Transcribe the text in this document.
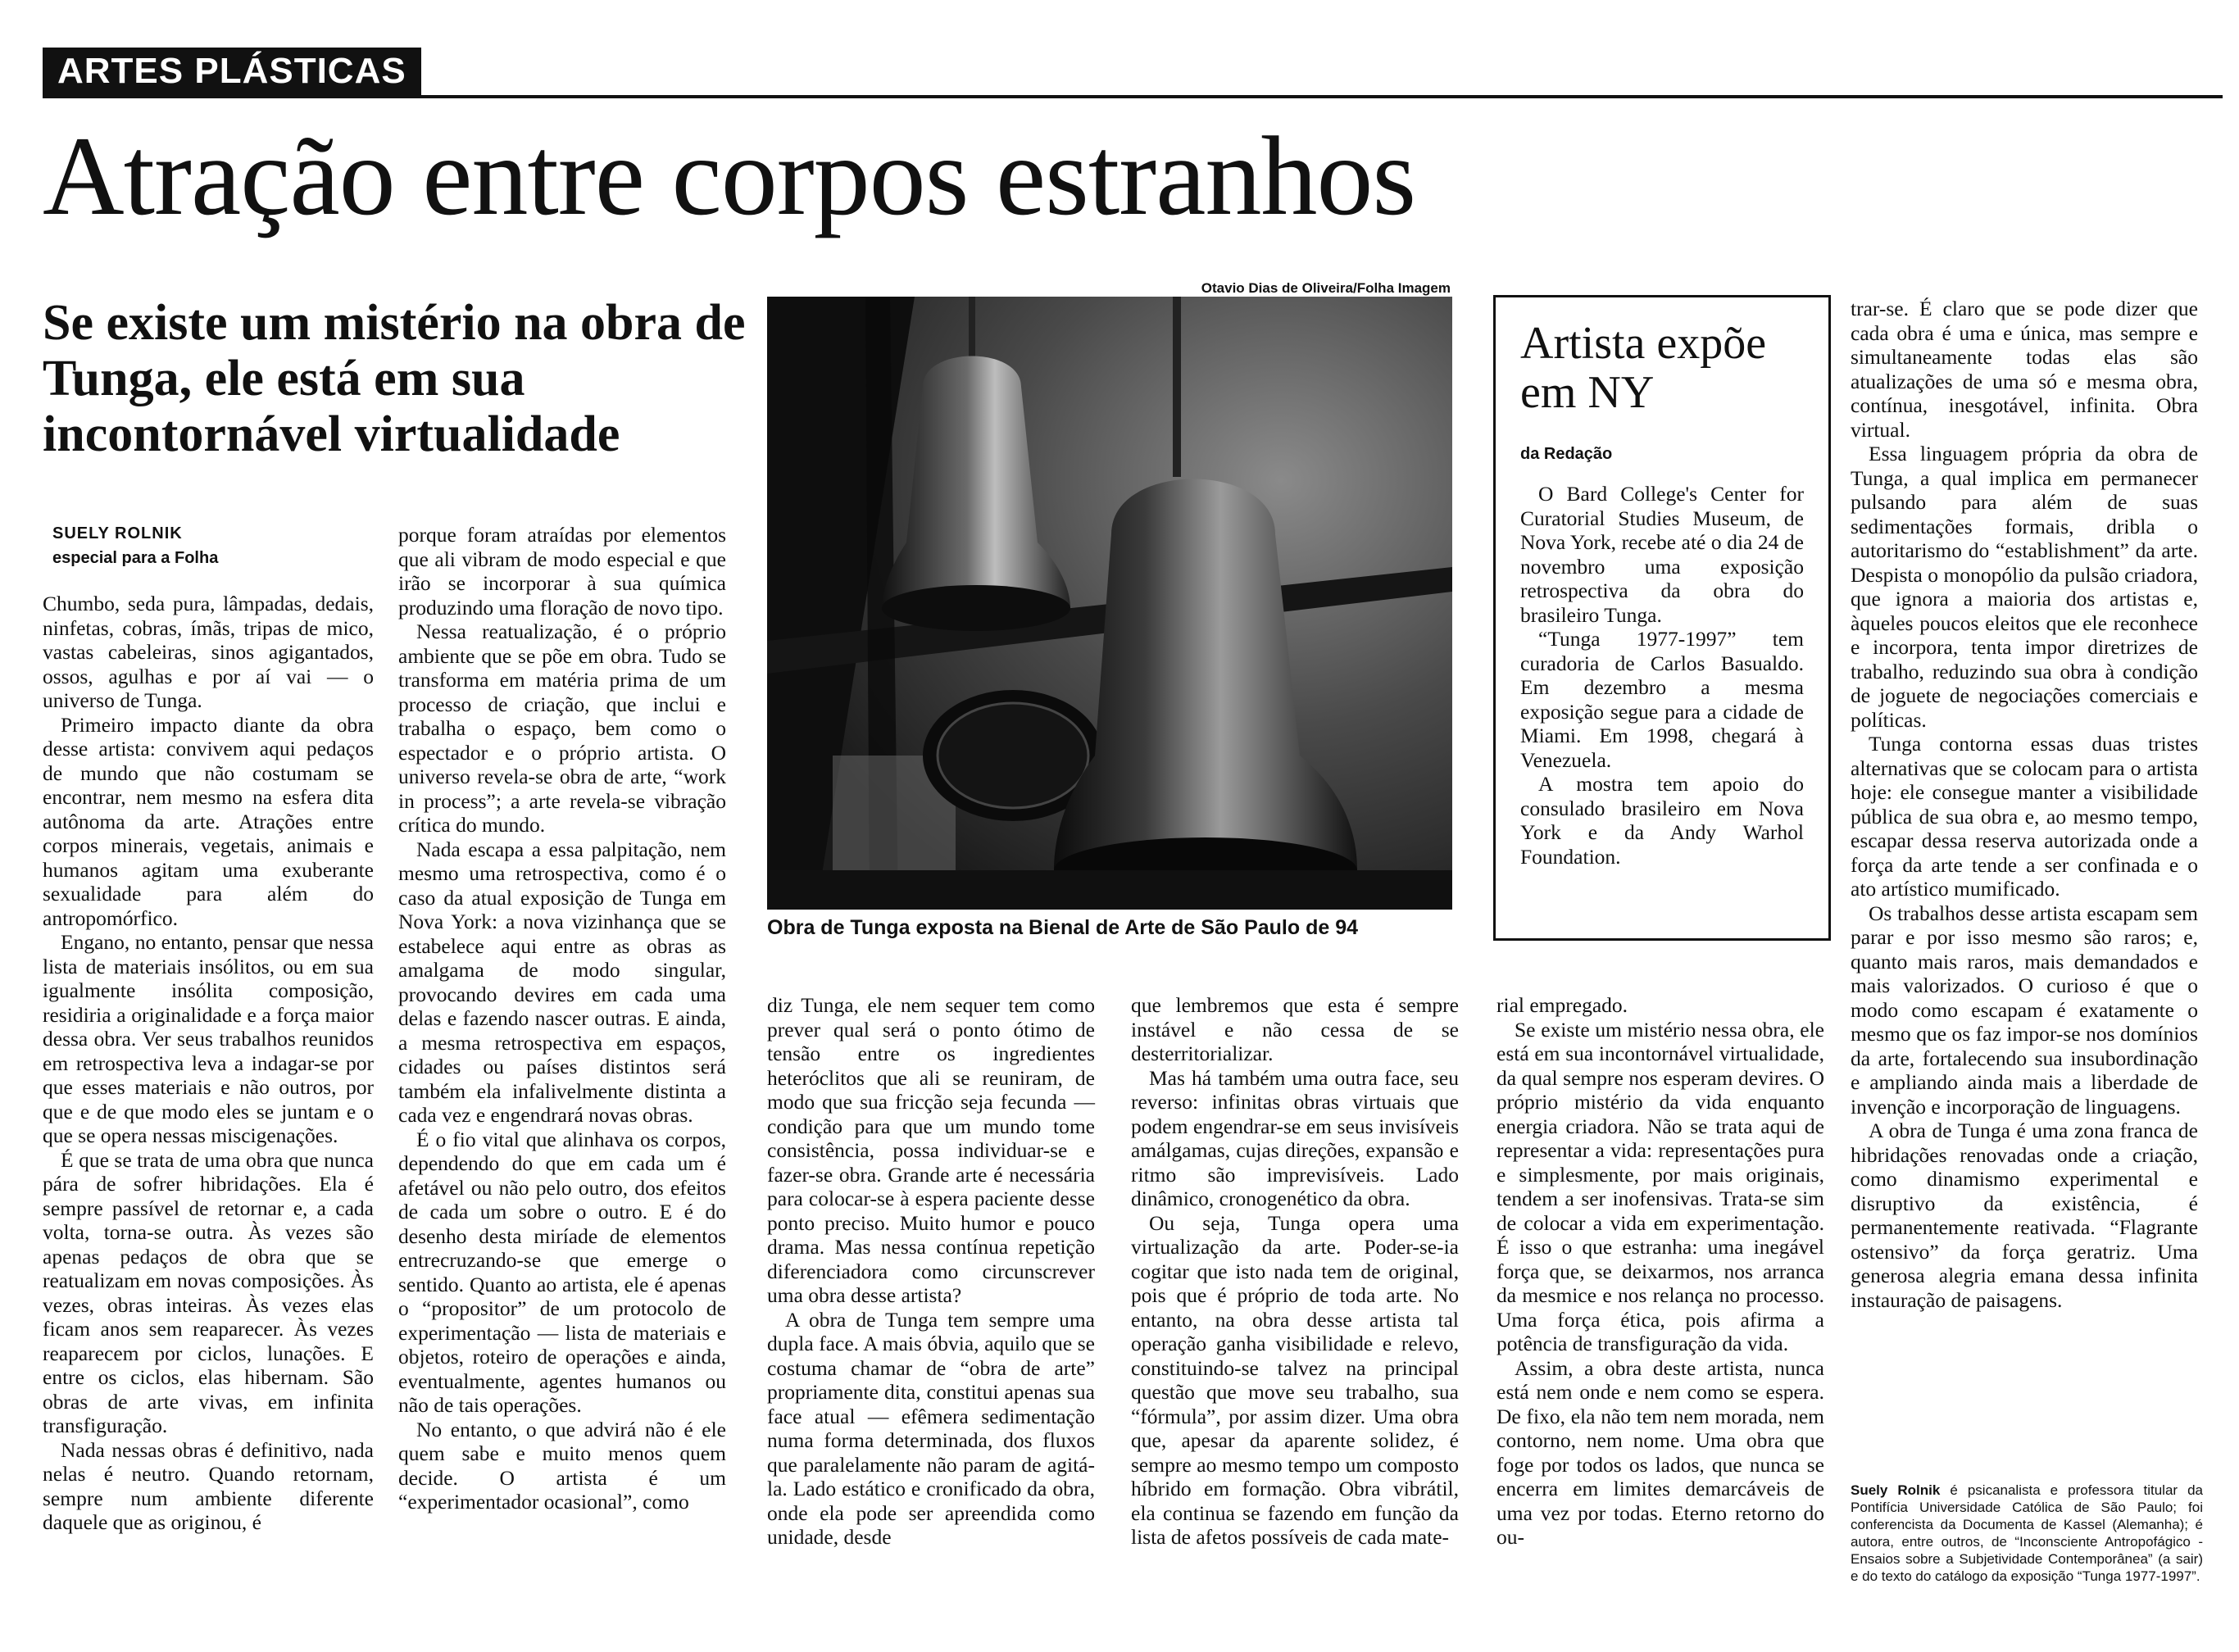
ARTES PLÁSTICAS
Atração entre corpos estranhos
Se existe um mistério na obra de Tunga, ele está em sua incontornável virtualidade
SUELY ROLNIK
especial para a Folha
Otavio Dias de Oliveira/Folha Imagem
Obra de Tunga exposta na Bienal de Arte de São Paulo de 94

Chumbo, seda pura, lâmpadas, dedais, ninfetas, cobras, ímãs, tripas de mico, vastas cabeleiras, sinos agigantados, ossos, agulhas e por aí vai — o universo de Tunga.

Primeiro impacto diante da obra desse artista: convivem aqui pedaços de mundo que não costumam se encontrar, nem mesmo na esfera dita autônoma da arte. Atrações entre corpos minerais, vegetais, animais e humanos agitam uma exuberante sexualidade para além do antropomórfico.

Engano, no entanto, pensar que nessa lista de materiais insólitos, ou em sua igualmente insólita composição, residiria a originalidade e a força maior dessa obra. Ver seus trabalhos reunidos em retrospectiva leva a indagar-se por que esses materiais e não outros, por que e de que modo eles se juntam e o que se opera nessas miscigenações.

É que se trata de uma obra que nunca pára de sofrer hibridações. Ela é sempre passível de retornar e, a cada volta, torna-se outra. Às vezes são apenas pedaços de obra que se reatualizam em novas composições. Às vezes, obras inteiras. Às vezes elas ficam anos sem reaparecer. Às vezes reaparecem por ciclos, lunações. E entre os ciclos, elas hibernam. São obras de arte vivas, em infinita transfiguração.

Nada nessas obras é definitivo, nada nelas é neutro. Quando retornam, sempre num ambiente diferente daquele que as originou, é

porque foram atraídas por elementos que ali vibram de modo especial e que irão se incorporar à sua química produzindo uma floração de novo tipo.

Nessa reatualização, é o próprio ambiente que se põe em obra. Tudo se transforma em matéria prima de um processo de criação, que inclui e trabalha o espaço, bem como o espectador e o próprio artista. O universo revela-se obra de arte, “work in process”; a arte revela-se vibração crítica do mundo.

Nada escapa a essa palpitação, nem mesmo uma retrospectiva, como é o caso da atual exposição de Tunga em Nova York: a nova vizinhança que se estabelece aqui entre as obras as amalgama de modo singular, provocando devires em cada uma delas e fazendo nascer outras. E ainda, a mesma retrospectiva em espaços, cidades ou países distintos será também ela infalivelmente distinta a cada vez e engendrará novas obras.

É o fio vital que alinhava os corpos, dependendo do que em cada um é afetável ou não pelo outro, dos efeitos de cada um sobre o outro. E é do desenho desta miríade de elementos entrecruzando-se que emerge o sentido. Quanto ao artista, ele é apenas o “propositor” de um protocolo de experimentação — lista de materiais e objetos, roteiro de operações e ainda, eventualmente, agentes humanos ou não de tais operações.

No entanto, o que advirá não é ele quem sabe e muito menos quem decide. O artista é um “experimentador ocasional”, como

diz Tunga, ele nem sequer tem como prever qual será o ponto ótimo de tensão entre os ingredientes heteróclitos que ali se reuniram, de modo que sua fricção seja fecunda — condição para que um mundo tome consistência, possa individuar-se e fazer-se obra. Grande arte é necessária para colocar-se à espera paciente desse ponto preciso. Muito humor e pouco drama. Mas nessa contínua repetição diferenciadora como circunscrever uma obra desse artista?

A obra de Tunga tem sempre uma dupla face. A mais óbvia, aquilo que se costuma chamar de “obra de arte” propriamente dita, constitui apenas sua face atual — efêmera sedimentação numa forma determinada, dos fluxos que paralelamente não param de agitá-la. Lado estático e cronificado da obra, onde ela pode ser apreendida como unidade, desde

que lembremos que esta é sempre instável e não cessa de se desterritorializar.

Mas há também uma outra face, seu reverso: infinitas obras virtuais que podem engendrar-se em seus invisíveis amálgamas, cujas direções, expansão e ritmo são imprevisíveis. Lado dinâmico, cronogenético da obra.

Ou seja, Tunga opera uma virtualização da arte. Poder-se-ia cogitar que isto nada tem de original, pois que é próprio de toda arte. No entanto, na obra desse artista tal operação ganha visibilidade e relevo, constituindo-se talvez na principal questão que move seu trabalho, sua “fórmula”, por assim dizer. Uma obra que, apesar da aparente solidez, é sempre ao mesmo tempo um composto híbrido em formação. Obra vibrátil, ela continua se fazendo em função da lista de afetos possíveis de cada mate-

rial empregado.

Se existe um mistério nessa obra, ele está em sua incontornável virtualidade, da qual sempre nos esperam devires. O próprio mistério da vida enquanto energia criadora. Não se trata aqui de representar a vida: representações pura e simplesmente, por mais originais, tendem a ser inofensivas. Trata-se sim de colocar a vida em experimentação. É isso o que estranha: uma inegável força que, se deixarmos, nos arranca da mesmice e nos relança no processo. Uma força ética, pois afirma a potência de transfiguração da vida.

Assim, a obra deste artista, nunca está nem onde e nem como se espera. De fixo, ela não tem nem morada, nem contorno, nem nome. Uma obra que foge por todos os lados, que nunca se encerra em limites demarcáveis de uma vez por todas. Eterno retorno do ou-

Artista expõe em NY
da Redação

O Bard College's Center for Curatorial Studies Museum, de Nova York, recebe até o dia 24 de novembro uma exposição retrospectiva da obra do brasileiro Tunga.

“Tunga 1977-1997” tem curadoria de Carlos Basualdo. Em dezembro a mesma exposição segue para a cidade de Miami. Em 1998, chegará à Venezuela.

A mostra tem apoio do consulado brasileiro em Nova York e da Andy Warhol Foundation.

trar-se. É claro que se pode dizer que cada obra é uma e única, mas sempre e simultaneamente todas elas são atualizações de uma só e mesma obra, contínua, inesgotável, infinita. Obra virtual.

Essa linguagem própria da obra de Tunga, a qual implica em permanecer pulsando para além de suas sedimentações formais, dribla o autoritarismo do “establishment” da arte. Despista o monopólio da pulsão criadora, que ignora a maioria dos artistas e, àqueles poucos eleitos que ele reconhece e incorpora, tenta impor diretrizes de trabalho, reduzindo sua obra à condição de joguete de negociações comerciais e políticas.

Tunga contorna essas duas tristes alternativas que se colocam para o artista hoje: ele consegue manter a visibilidade pública de sua obra e, ao mesmo tempo, escapar dessa reserva autorizada onde a força da arte tende a ser confinada e o ato artístico mumificado.

Os trabalhos desse artista escapam sem parar e por isso mesmo são raros; e, quanto mais raros, mais demandados e mais valorizados. O curioso é que o modo como escapam é exatamente o mesmo que os faz impor-se nos domínios da arte, fortalecendo sua insubordinação e ampliando ainda mais a liberdade de invenção e incorporação de linguagens.

A obra de Tunga é uma zona franca de hibridações renovadas onde a criação, como dinamismo experimental e disruptivo da existência, é permanentemente reativada. “Flagrante ostensivo” da força geratriz. Uma generosa alegria emana dessa infinita instauração de paisagens.

Suely Rolnik é psicanalista e professora titular da Pontifícia Universidade Católica de São Paulo; foi conferencista da Documenta de Kassel (Alemanha); é autora, entre outros, de “Inconsciente Antropofágico - Ensaios sobre a Subjetividade Contemporânea” (a sair) e do texto do catálogo da exposição “Tunga 1977-1997”.
